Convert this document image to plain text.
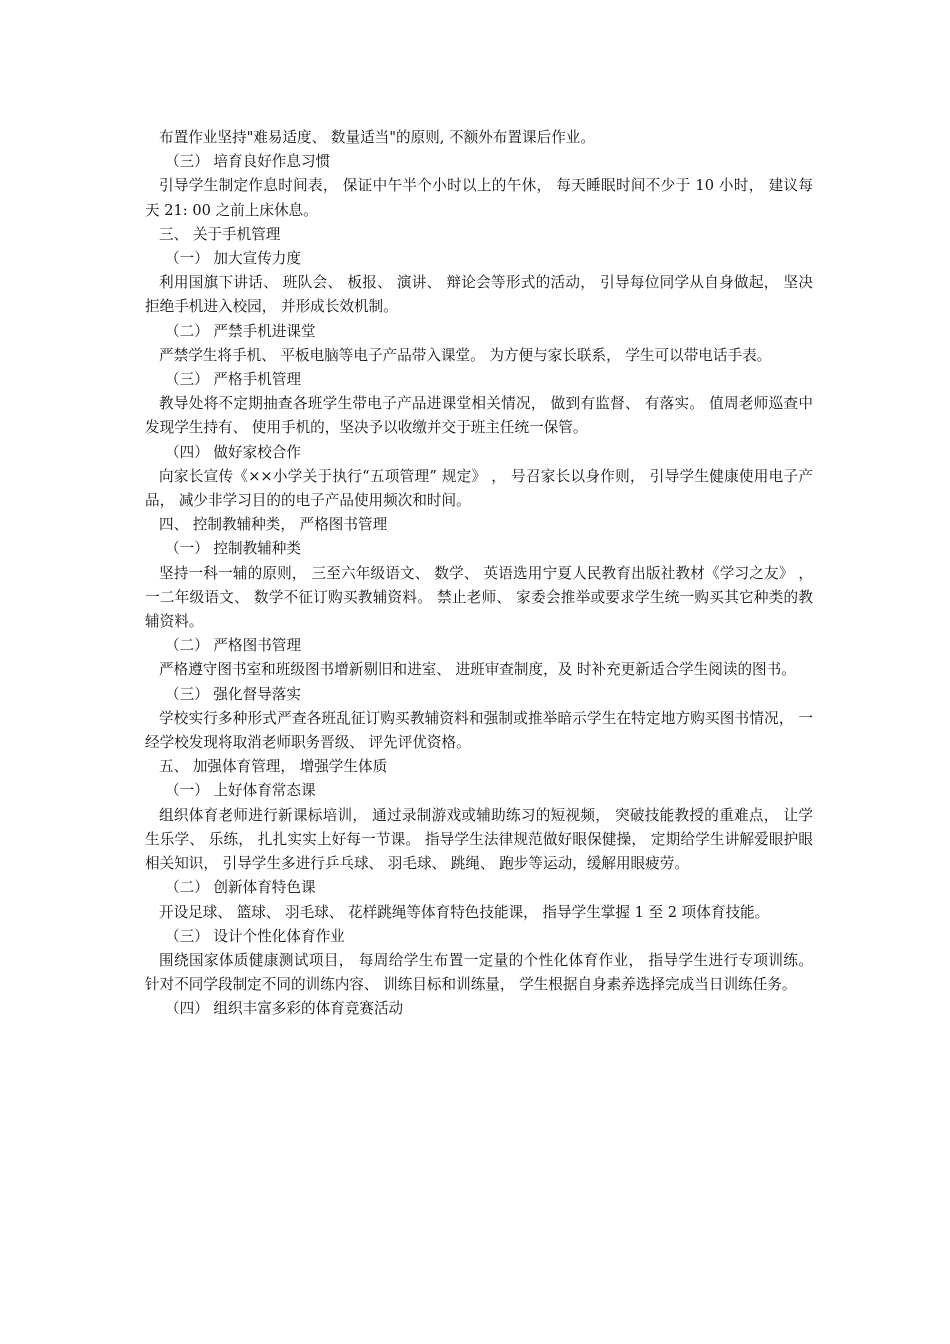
布置作业坚持"难易适度、 数量适当"的原则, 不额外布置课后作业。

（三） 培育良好作息习惯

引导学生制定作息时间表， 保证中午半个小时以上的午休， 每天睡眠时间不少于 10 小时， 建议每天 21: 00 之前上床休息。

三、 关于手机管理

（一） 加大宣传力度

利用国旗下讲话、 班队会、 板报、 演讲、 辩论会等形式的活动， 引导每位同学从自身做起， 坚决拒绝手机进入校园， 并形成长效机制。

（二） 严禁手机进课堂

严禁学生将手机、 平板电脑等电子产品带入课堂。 为方便与家长联系， 学生可以带电话手表。

（三） 严格手机管理

教导处将不定期抽查各班学生带电子产品进课堂相关情况， 做到有监督、 有落实。 值周老师巡查中发现学生持有、 使用手机的，坚决予以收缴并交于班主任统一保管。

（四） 做好家校合作

向家长宣传《××小学关于执行“五项管理” 规定》 ， 号召家长以身作则， 引导学生健康使用电子产品， 减少非学习目的的电子产品使用频次和时间。

四、 控制教辅种类， 严格图书管理

（一） 控制教辅种类

坚持一科一辅的原则， 三至六年级语文、 数学、 英语选用宁夏人民教育出版社教材《学习之友》 ， 一二年级语文、 数学不征订购买教辅资料。 禁止老师、 家委会推举或要求学生统一购买其它种类的教辅资料。

（二） 严格图书管理

严格遵守图书室和班级图书增新剔旧和进室、 进班审查制度，及 时补充更新适合学生阅读的图书。

（三） 强化督导落实

学校实行多种形式严查各班乱征订购买教辅资料和强制或推举暗示学生在特定地方购买图书情况， 一经学校发现将取消老师职务晋级、 评先评优资格。

五、 加强体育管理， 增强学生体质

（一） 上好体育常态课

组织体育老师进行新课标培训， 通过录制游戏或辅助练习的短视频， 突破技能教授的重难点， 让学生乐学、 乐练， 扎扎实实上好每一节课。 指导学生法律规范做好眼保健操， 定期给学生讲解爱眼护眼相关知识， 引导学生多进行乒乓球、 羽毛球、 跳绳、 跑步等运动，缓解用眼疲劳。

（二） 创新体育特色课

开设足球、 篮球、 羽毛球、 花样跳绳等体育特色技能课， 指导学生掌握 1 至 2 项体育技能。

（三） 设计个性化体育作业

围绕国家体质健康测试项目， 每周给学生布置一定量的个性化体育作业， 指导学生进行专项训练。 针对不同学段制定不同的训练内容、 训练目标和训练量， 学生根据自身素养选择完成当日训练任务。

（四） 组织丰富多彩的体育竞赛活动
